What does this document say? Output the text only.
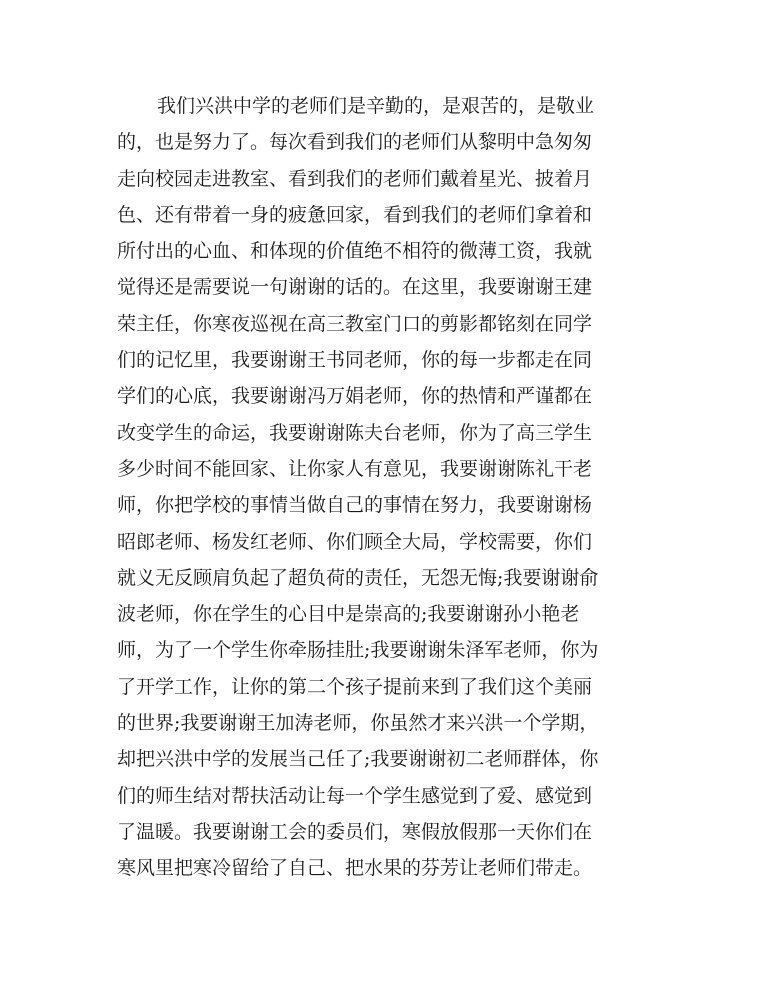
我们兴洪中学的老师们是辛勤的，是艰苦的，是敬业
的，也是努力了。每次看到我们的老师们从黎明中急匆匆
走向校园走进教室、看到我们的老师们戴着星光、披着月
色、还有带着一身的疲惫回家，看到我们的老师们拿着和
所付出的心血、和体现的价值绝不相符的微薄工资，我就
觉得还是需要说一句谢谢的话的。在这里，我要谢谢王建
荣主任，你寒夜巡视在高三教室门口的剪影都铭刻在同学
们的记忆里，我要谢谢王书同老师，你的每一步都走在同
学们的心底，我要谢谢冯万娟老师，你的热情和严谨都在
改变学生的命运，我要谢谢陈夫台老师，你为了高三学生
多少时间不能回家、让你家人有意见，我要谢谢陈礼干老
师，你把学校的事情当做自己的事情在努力，我要谢谢杨
昭郎老师、杨发红老师、你们顾全大局，学校需要，你们
就义无反顾肩负起了超负荷的责任，无怨无悔;我要谢谢俞
波老师，你在学生的心目中是崇高的;我要谢谢孙小艳老
师，为了一个学生你牵肠挂肚;我要谢谢朱泽军老师，你为
了开学工作，让你的第二个孩子提前来到了我们这个美丽
的世界;我要谢谢王加涛老师，你虽然才来兴洪一个学期，
却把兴洪中学的发展当己任了;我要谢谢初二老师群体，你
们的师生结对帮扶活动让每一个学生感觉到了爱、感觉到
了温暖。我要谢谢工会的委员们，寒假放假那一天你们在
寒风里把寒冷留给了自己、把水果的芬芳让老师们带走。
